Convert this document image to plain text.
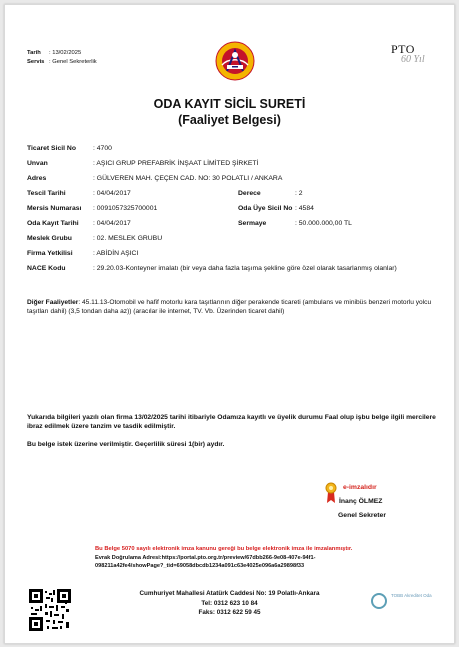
Tarih : 13/02/2025
Servis : Genel Sekreterlik
PTO
60 Yıl
ODA KAYIT SİCİL SURETİ
(Faaliyet Belgesi)
Ticaret Sicil No	: 4700
Unvan	: AŞICI GRUP PREFABRİK İNŞAAT LİMİTED ŞİRKETİ
Adres	: GÜLVEREN MAH. ÇEÇEN CAD. NO: 30 POLATLI / ANKARA
Tescil Tarihi	: 04/04/2017	Derece	: 2
Mersis Numarası : 0091057325700001	Oda Üye Sicil No : 4584
Oda Kayıt Tarihi : 04/04/2017	Sermaye	: 50.000.000,00 TL
Meslek Grubu	: 02. MESLEK GRUBU
Firma Yetkilisi	: ABİDİN AŞICI
NACE Kodu	: 29.20.03-Konteyner imalatı (bir veya daha fazla taşıma şekline göre özel olarak tasarlanmış olanlar)
Diğer Faaliyetler: 45.11.13-Otomobil ve hafif motorlu kara taşıtlarının diğer perakende ticareti (ambulans ve minibüs benzeri motorlu yolcu taşıtları dahil) (3,5 tondan daha az)) (aracılar ile internet, TV. Vb. Üzerinden ticaret dahil)
Yukarıda bilgileri yazılı olan firma 13/02/2025 tarihi itibariyle Odamıza kayıtlı ve üyelik durumu Faal olup işbu belge ilgili mercilere ibraz edilmek üzere tanzim ve tasdik edilmiştir.
Bu belge istek üzerine verilmiştir. Geçerlilik süresi 1(bir) aydır.
e-imzalıdır
İnanç ÖLMEZ
Genel Sekreter
Bu Belge 5070 sayılı elektronik imza kanunu gereği bu belge elektronik imza ile imzalanmıştır.
Evrak Doğrulama Adresi:https://portal.pto.org.tr/preview/67dbb266-9e08-407e-94f1-098211a42fe4/showPage?_tid=69058dbcdb1234a091c63e4025e096a6a29898f33
Cumhuriyet Mahallesi Atatürk Caddesi No: 19 Polatlı-Ankara
Tel: 0312 623 10 84
Faks: 0312 622 59 45
TOBB Akreditet Oda
